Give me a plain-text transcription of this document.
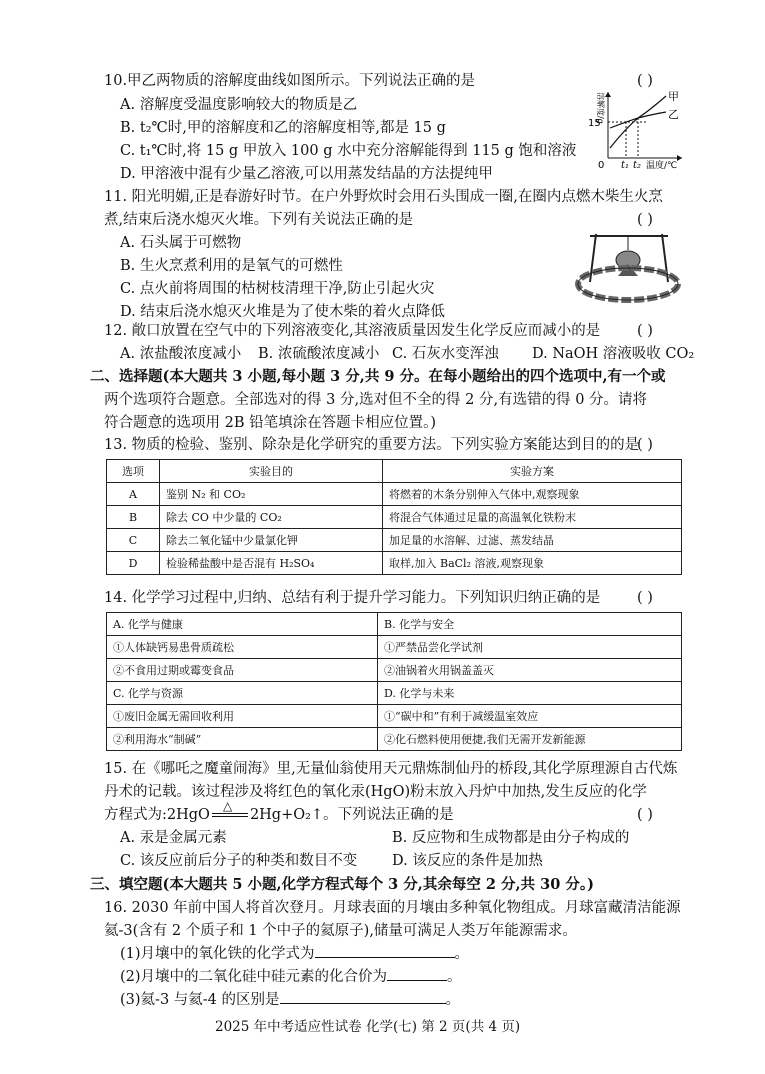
10.甲乙两物质的溶解度曲线如图所示。下列说法正确的是	( )
A. 溶解度受温度影响较大的物质是乙
B. t₂℃时,甲的溶解度和乙的溶解度相等,都是 15 g
C. t₁℃时,将 15 g 甲放入 100 g 水中充分溶解能得到 115 g 饱和溶液
D. 甲溶液中混有少量乙溶液,可以用蒸发结晶的方法提纯甲
15
0 t₁ t₂ 温度/℃
甲
乙
溶解度/g
11. 阳光明媚,正是春游好时节。在户外野炊时会用石头围成一圈,在圈内点燃木柴生火烹
煮,结束后浇水熄灭火堆。下列有关说法正确的是	( )
A. 石头属于可燃物
B. 生火烹煮利用的是氧气的可燃性
C. 点火前将周围的枯树枝清理干净,防止引起火灾
D. 结束后浇水熄灭火堆是为了使木柴的着火点降低
12. 敞口放置在空气中的下列溶液变化,其溶液质量因发生化学反应而减小的是	( )
A. 浓盐酸浓度减小 B. 浓硫酸浓度减小 C. 石灰水变浑浊 D. NaOH 溶液吸收 CO₂
二、选择题(本大题共 3 小题,每小题 3 分,共 9 分。在每小题给出的四个选项中,有一个或
两个选项符合题意。全部选对的得 3 分,选对但不全的得 2 分,有选错的得 0 分。请将
符合题意的选项用 2B 铅笔填涂在答题卡相应位置。)
13. 物质的检验、鉴别、除杂是化学研究的重要方法。下列实验方案能达到目的的是
( )
选项	实验目的	实验方案
A	鉴别 N₂ 和 CO₂	将燃着的木条分别伸入气体中,观察现象
B	除去 CO 中少量的 CO₂	将混合气体通过足量的高温氧化铁粉末
C	除去二氧化锰中少量氯化钾	加足量的水溶解、过滤、蒸发结晶
D	检验稀盐酸中是否混有 H₂SO₄	取样,加入 BaCl₂ 溶液,观察现象
14. 化学学习过程中,归纳、总结有利于提升学习能力。下列知识归纳正确的是	( )
A. 化学与健康	B. 化学与安全
①人体缺钙易患骨质疏松	①严禁品尝化学试剂
②不食用过期或霉变食品	②油锅着火用锅盖盖灭
C. 化学与资源	D. 化学与未来
①废旧金属无需回收利用	①“碳中和”有利于减缓温室效应
②利用海水“制碱”	②化石燃料使用便捷,我们无需开发新能源
15. 在《哪吒之魔童闹海》里,无量仙翁使用天元鼎炼制仙丹的桥段,其化学原理源自古代炼
丹术的记载。该过程涉及将红色的氧化汞(HgO)粉末放入丹炉中加热,发生反应的化学
方程式为:2HgO
△
2Hg+O₂↑。下列说法正确的是	( )
A. 汞是金属元素	B. 反应物和生成物都是由分子构成的
C. 该反应前后分子的种类和数目不变 D. 该反应的条件是加热
三、填空题(本大题共 5 小题,化学方程式每个 3 分,其余每空 2 分,共 30 分。)
16. 2030 年前中国人将首次登月。月球表面的月壤由多种氧化物组成。月球富藏清洁能源
氦-3(含有 2 个质子和 1 个中子的氦原子),储量可满足人类万年能源需求。
(1)月壤中的氧化铁的化学式为	。
(2)月壤中的二氧化硅中硅元素的化合价为	。
(3)氦-3 与氦-4 的区别是	。
2025 年中考适应性试卷 化学(七) 第 2 页(共 4 页)
